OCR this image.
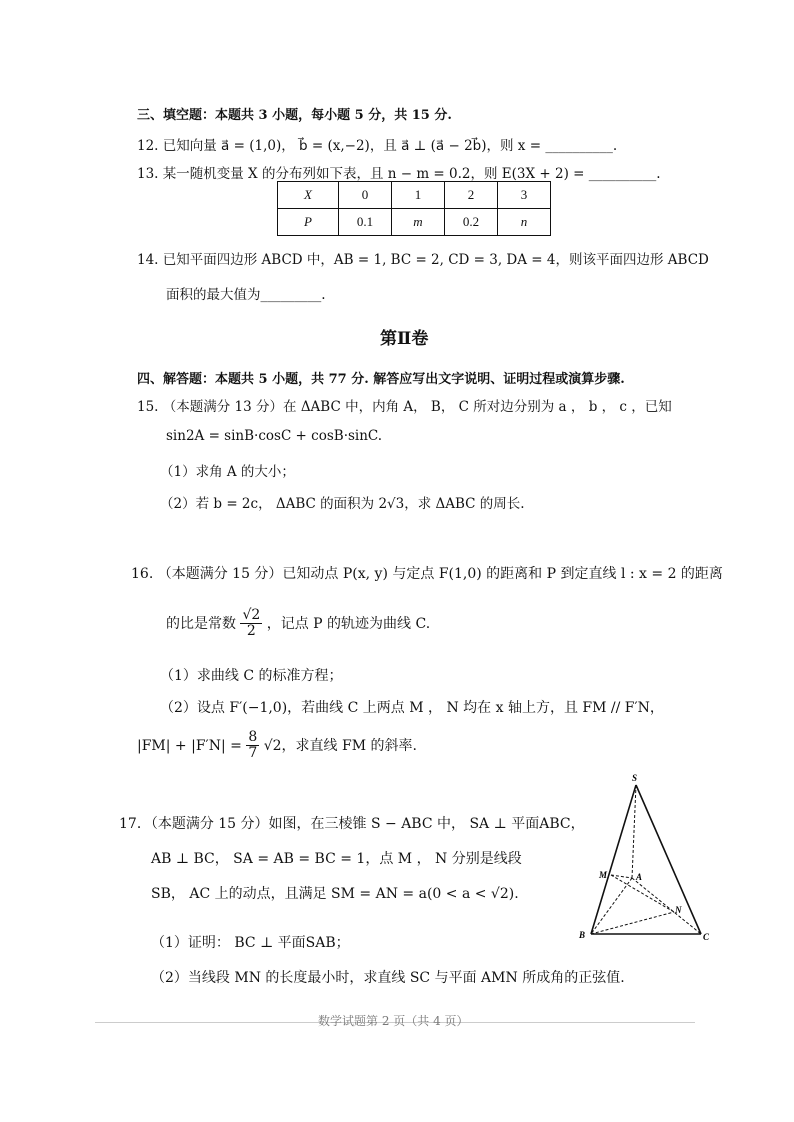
三、填空题：本题共 3 小题，每小题 5 分，共 15 分.
12. 已知向量 a⃗ = (1,0)， b⃗ = (x,−2)，且 a⃗ ⊥ (a⃗ − 2b⃗)，则 x = __________.
13. 某一随机变量 X 的分布列如下表，且 n − m = 0.2，则 E(3X + 2) = __________.
X	0	1	2	3
P	0.1	m	0.2	n
14. 已知平面四边形 ABCD 中，AB = 1, BC = 2, CD = 3, DA = 4，则该平面四边形 ABCD
面积的最大值为_________.
第Ⅱ卷
四、解答题：本题共 5 小题，共 77 分. 解答应写出文字说明、证明过程或演算步骤.
15. （本题满分 13 分）在 ΔABC 中，内角 A， B， C 所对边分别为 a ， b ， c ，已知
sin2A = sinB·cosC + cosB·sinC.
（1）求角 A 的大小；
（2）若 b = 2c， ΔABC 的面积为 2√3，求 ΔABC 的周长.
16. （本题满分 15 分）已知动点 P(x, y) 与定点 F(1,0) 的距离和 P 到定直线 l : x = 2 的距离
的比是常数 $\frac{√2}{2}$ ，记点 P 的轨迹为曲线 C.
（1）求曲线 C 的标准方程；
（2）设点 F′(−1,0)，若曲线 C 上两点 M ， N 均在 x 轴上方，且 FM // F′N，
$|FM| + |F'N| = \frac{8}{7} √2$，求直线 FM 的斜率.
17．（本题满分 15 分）如图，在三棱锥 S − ABC 中， SA ⊥ 平面ABC，
AB ⊥ BC， SA = AB = BC = 1，点 M ， N 分别是线段
SB， AC 上的动点，且满足 SM = AN = a(0 < a < √2).
（1）证明： BC ⊥ 平面SAB；
（2）当线段 MN 的长度最小时，求直线 SC 与平面 AMN 所成角的正弦值.
S
M	A
N
B	C
数学试题第 2 页（共 4 页）
